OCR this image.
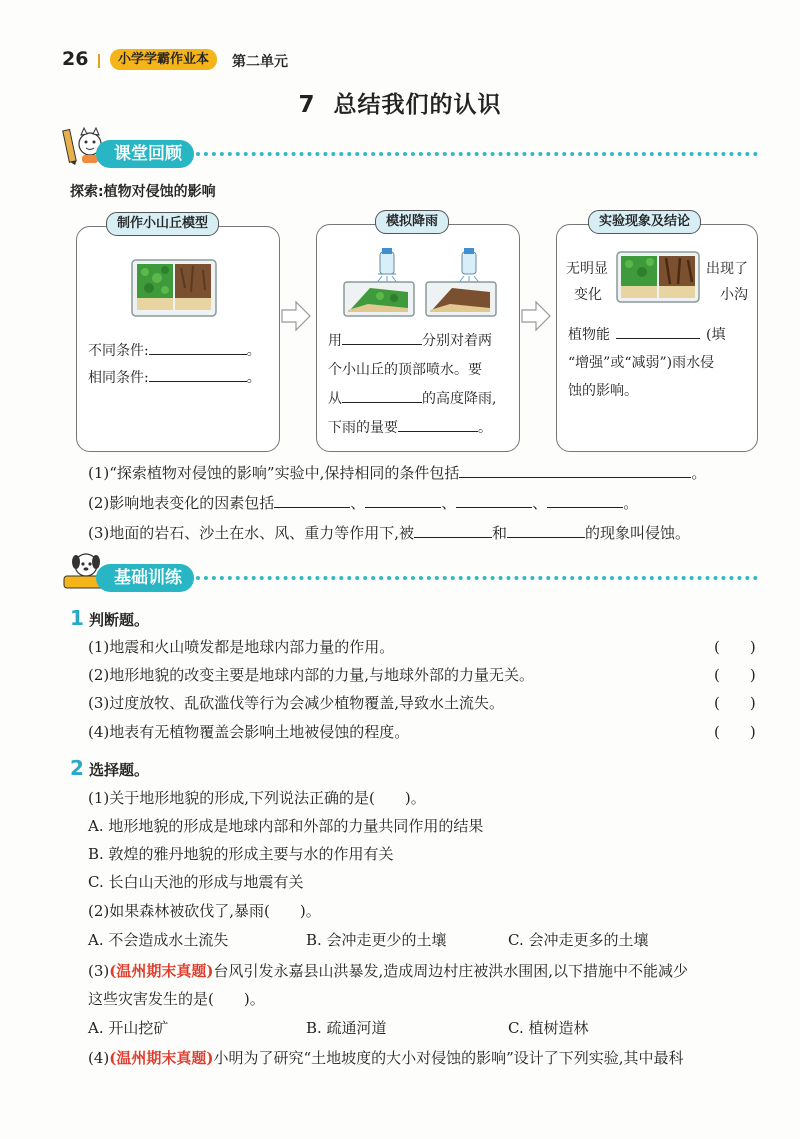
26	小学学霸作业本	第二单元
7 总结我们的认识
课堂回顾
探索:植物对侵蚀的影响
制作小山丘模型
不同条件:	。
相同条件:	。
模拟降雨
用	分别对着两
个小山丘的顶部喷水。要
从	的高度降雨,
下雨的量要	。
实验现象及结论
无明显
变化
出现了
小沟
植物能	(填
“增强”或“减弱”)雨水侵
蚀的影响。
(1)“探索植物对侵蚀的影响”实验中,保持相同的条件包括	。
(2)影响地表变化的因素包括	、	、	、	。
(3)地面的岩石、沙土在水、风、重力等作用下,被	和	的现象叫侵蚀。
基础训练
1 判断题。
(1)地震和火山喷发都是地球内部力量的作用。	(　　)
(2)地形地貌的改变主要是地球内部的力量,与地球外部的力量无关。	(　　)
(3)过度放牧、乱砍滥伐等行为会减少植物覆盖,导致水土流失。	(　　)
(4)地表有无植物覆盖会影响土地被侵蚀的程度。	(　　)
2 选择题。
(1)关于地形地貌的形成,下列说法正确的是(　　)。
A. 地形地貌的形成是地球内部和外部的力量共同作用的结果
B. 敦煌的雅丹地貌的形成主要与水的作用有关
C. 长白山天池的形成与地震有关
(2)如果森林被砍伐了,暴雨(　　)。
A. 不会造成水土流失	B. 会冲走更少的土壤	C. 会冲走更多的土壤
(3)(温州期末真题)台风引发永嘉县山洪暴发,造成周边村庄被洪水围困,以下措施中不能减少
这些灾害发生的是(　　)。
A. 开山挖矿	B. 疏通河道	C. 植树造林
(4)(温州期末真题)小明为了研究“土地坡度的大小对侵蚀的影响”设计了下列实验,其中最科
